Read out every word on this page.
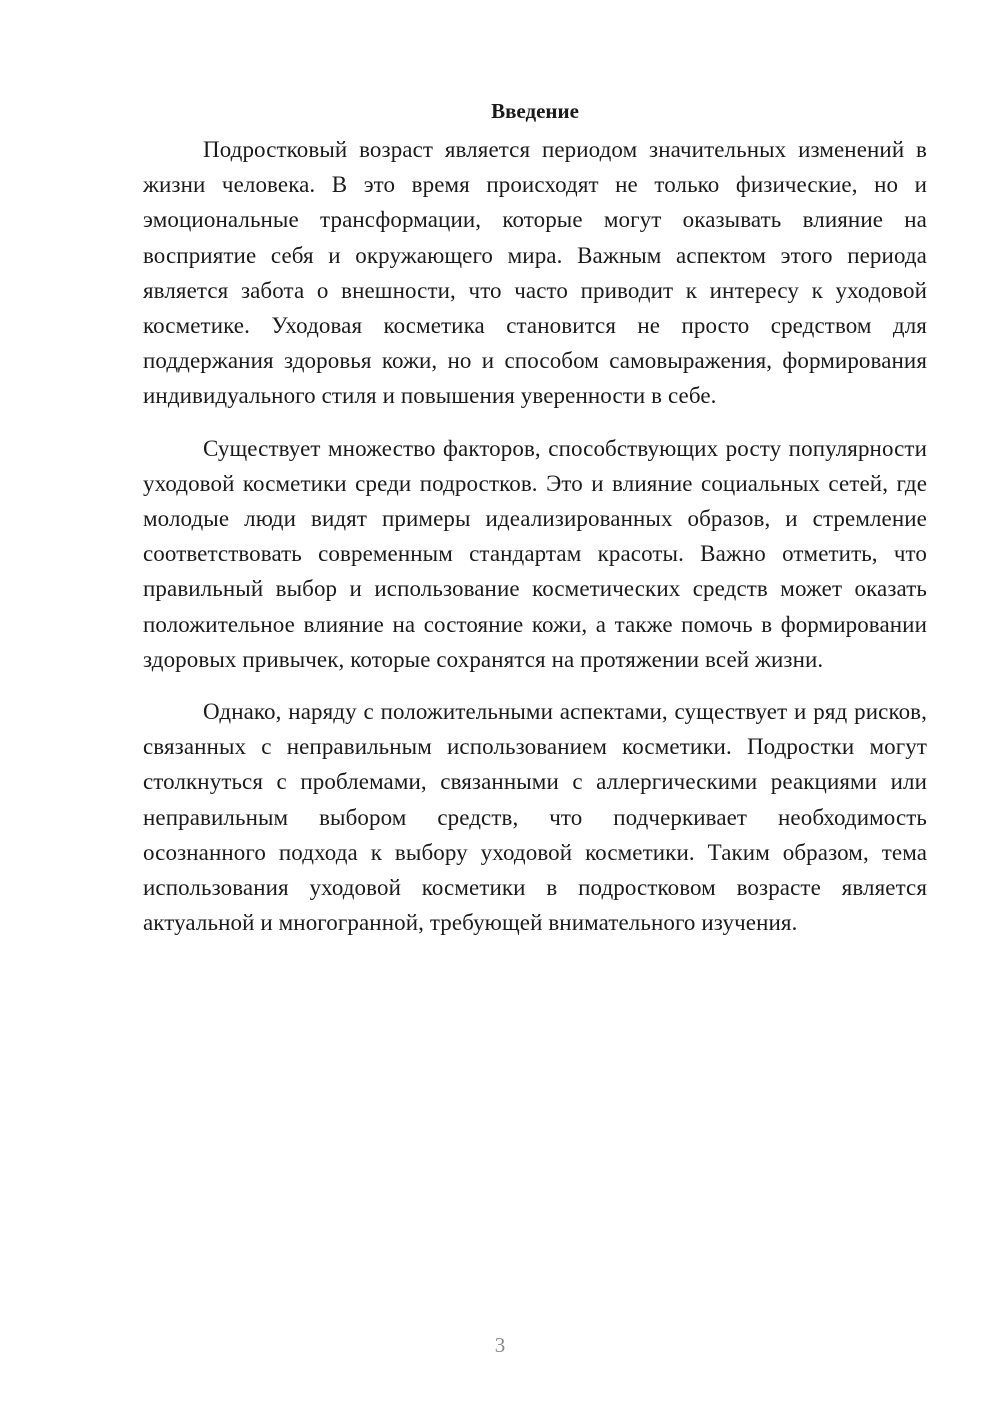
Введение

Подростковый возраст является периодом значительных изменений в жизни человека. В это время происходят не только физические, но и эмоциональные трансформации, которые могут оказывать влияние на восприятие себя и окружающего мира. Важным аспектом этого периода является забота о внешности, что часто приводит к интересу к уходовой косметике. Уходовая косметика становится не просто средством для поддержания здоровья кожи, но и способом самовыражения, формирования индивидуального стиля и повышения уверенности в себе.

Существует множество факторов, способствующих росту популярности уходовой косметики среди подростков. Это и влияние социальных сетей, где молодые люди видят примеры идеализированных образов, и стремление соответствовать современным стандартам красоты. Важно отметить, что правильный выбор и использование косметических средств может оказать положительное влияние на состояние кожи, а также помочь в формировании здоровых привычек, которые сохранятся на протяжении всей жизни.

Однако, наряду с положительными аспектами, существует и ряд рисков, связанных с неправильным использованием косметики. Подростки могут столкнуться с проблемами, связанными с аллергическими реакциями или неправильным выбором средств, что подчеркивает необходимость осознанного подхода к выбору уходовой косметики. Таким образом, тема использования уходовой косметики в подростковом возрасте является актуальной и многогранной, требующей внимательного изучения.

3
